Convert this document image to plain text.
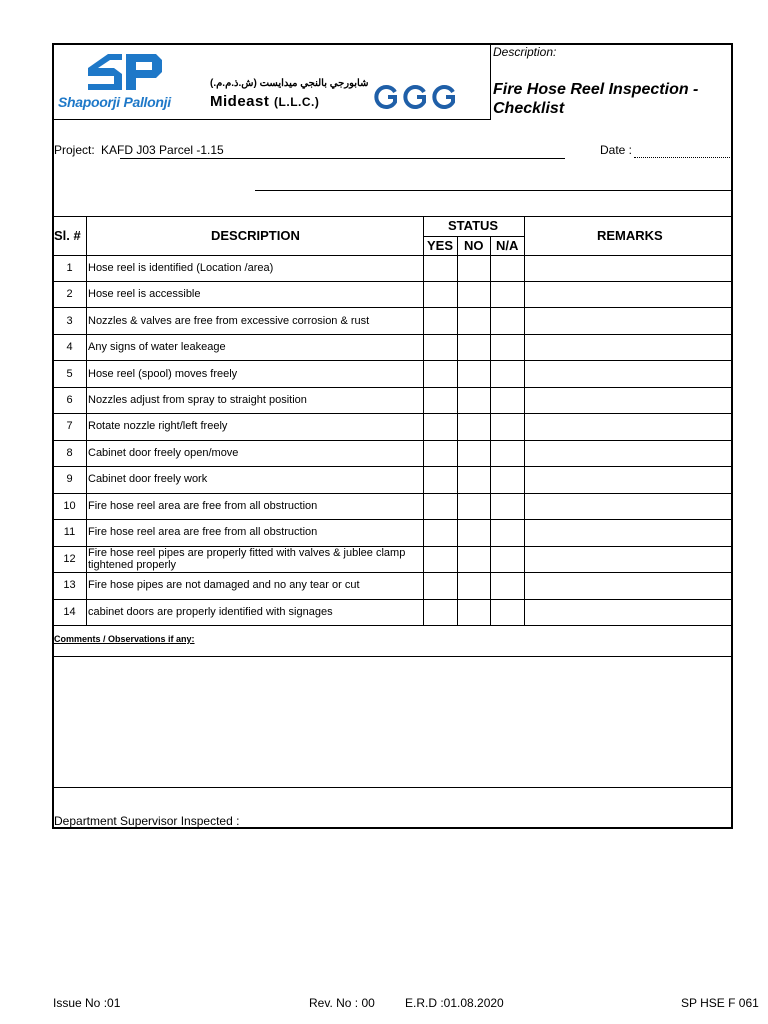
Shapoorji Pallonji
شابورجي بالنجي ميدايست (ش.ذ.م.م.)
Mideast (L.L.C.)
Description:
Fire Hose Reel Inspection - Checklist
Project: KAFD J03 Parcel -1.15	Date :
Sl. #	DESCRIPTION
STATUS
YES NO N/A
REMARKS
1	Hose reel is identified (Location /area)
2	Hose reel is accessible
3	Nozzles & valves are free from excessive corrosion & rust
4	Any signs of water leakeage
5	Hose reel (spool) moves freely
6	Nozzles adjust from spray to straight position
7	Rotate nozzle right/left freely
8	Cabinet door freely open/move
9	Cabinet door freely work
10	Fire hose reel area are free from all obstruction
11	Fire hose reel area are free from all obstruction
12	Fire hose reel pipes are properly fitted with valves & jublee clamp tightened properly
13	Fire hose pipes are not damaged and no any tear or cut
14	cabinet doors are properly identified with signages
Comments / Observations if any:
Department Supervisor Inspected :
Issue No :01	Rev. No : 00	E.R.D :01.08.2020	SP HSE F 061
